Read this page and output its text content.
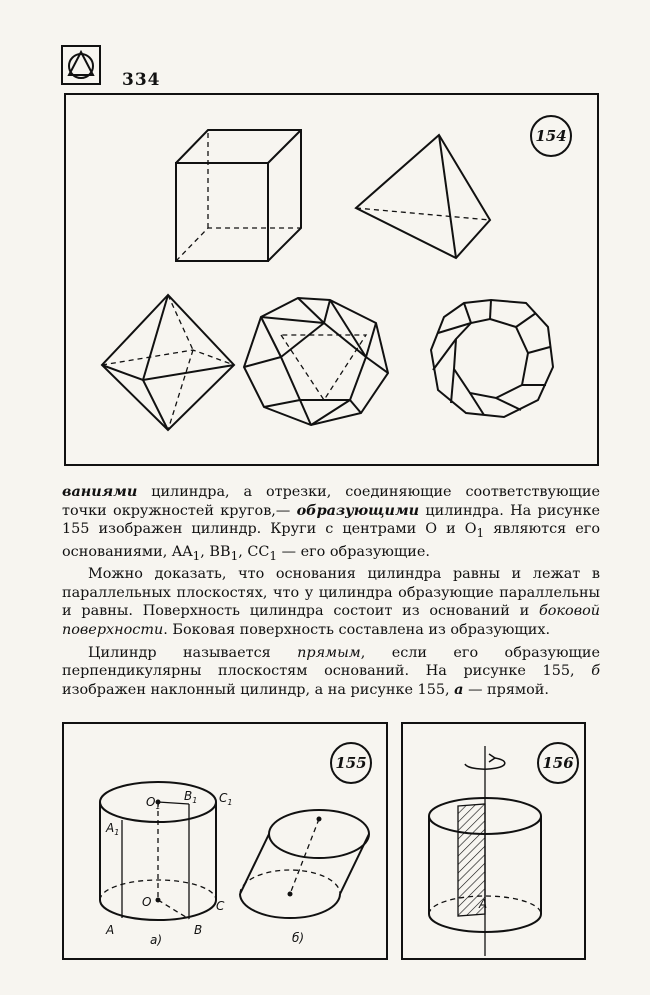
334
154
ваниями цилиндра, а отрезки, соединяющие соответствующие точки окружностей кругов,— образующими цилиндра. На рисунке 155 изображен цилиндр. Круги с центрами O и $O_1$ являются его основаниями, $AA_1$, $BB_1$, $CC_1$ — его образующие.
Можно доказать, что основания цилиндра равны и лежат в параллельных плоскостях, что у цилиндра образующие параллельны и равны. Поверхность цилиндра состоит из оснований и боковой поверхности. Боковая поверхность составлена из образующих.
Цилиндр называется прямым, если его образующие перпендикулярны плоскостям оснований. На рисунке 155, б изображен наклонный цилиндр, а на рисунке 155, а — прямой.
155
$O_1$
$B_1$ $C_1$
$A_1$
O
A	B
C
a)	б)
156
A
